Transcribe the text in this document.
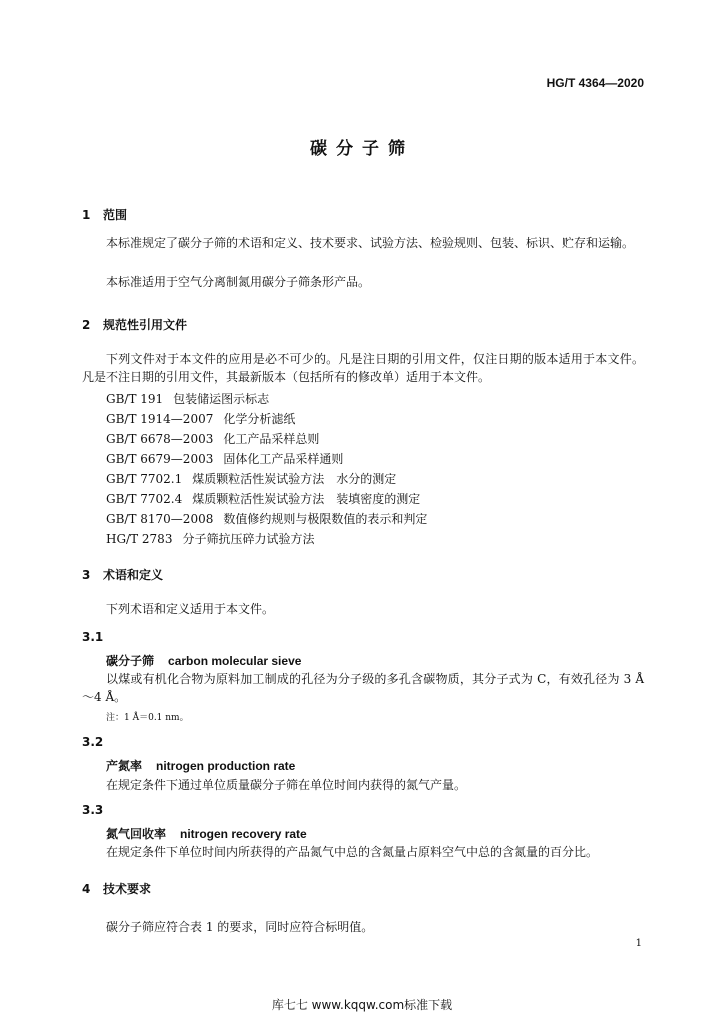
HG/T 4364—2020
碳分子筛
1 范围

本标准规定了碳分子筛的术语和定义、技术要求、试验方法、检验规则、包装、标识、贮存和运输。

本标准适用于空气分离制氮用碳分子筛条形产品。

2 规范性引用文件

下列文件对于本文件的应用是必不可少的。凡是注日期的引用文件，仅注日期的版本适用于本文件。凡是不注日期的引用文件，其最新版本（包括所有的修改单）适用于本文件。

GB/T 191 包装储运图示标志
GB/T 1914—2007 化学分析滤纸
GB/T 6678—2003 化工产品采样总则
GB/T 6679—2003 固体化工产品采样通则
GB/T 7702.1 煤质颗粒活性炭试验方法　水分的测定
GB/T 7702.4 煤质颗粒活性炭试验方法　装填密度的测定
GB/T 8170—2008 数值修约规则与极限数值的表示和判定
HG/T 2783 分子筛抗压碎力试验方法
3 术语和定义
下列术语和定义适用于本文件。
3.1
碳分子筛 carbon molecular sieve

以煤或有机化合物为原料加工制成的孔径为分子级的多孔含碳物质，其分子式为 C，有效孔径为 3 Å～4 Å。

注：1 Å＝0.1 nm。
3.2
产氮率 nitrogen production rate
在规定条件下通过单位质量碳分子筛在单位时间内获得的氮气产量。
3.3
氮气回收率 nitrogen recovery rate
在规定条件下单位时间内所获得的产品氮气中总的含氮量占原料空气中总的含氮量的百分比。
4 技术要求
碳分子筛应符合表 1 的要求，同时应符合标明值。
1
库七七 www.kqqw.com标准下载
